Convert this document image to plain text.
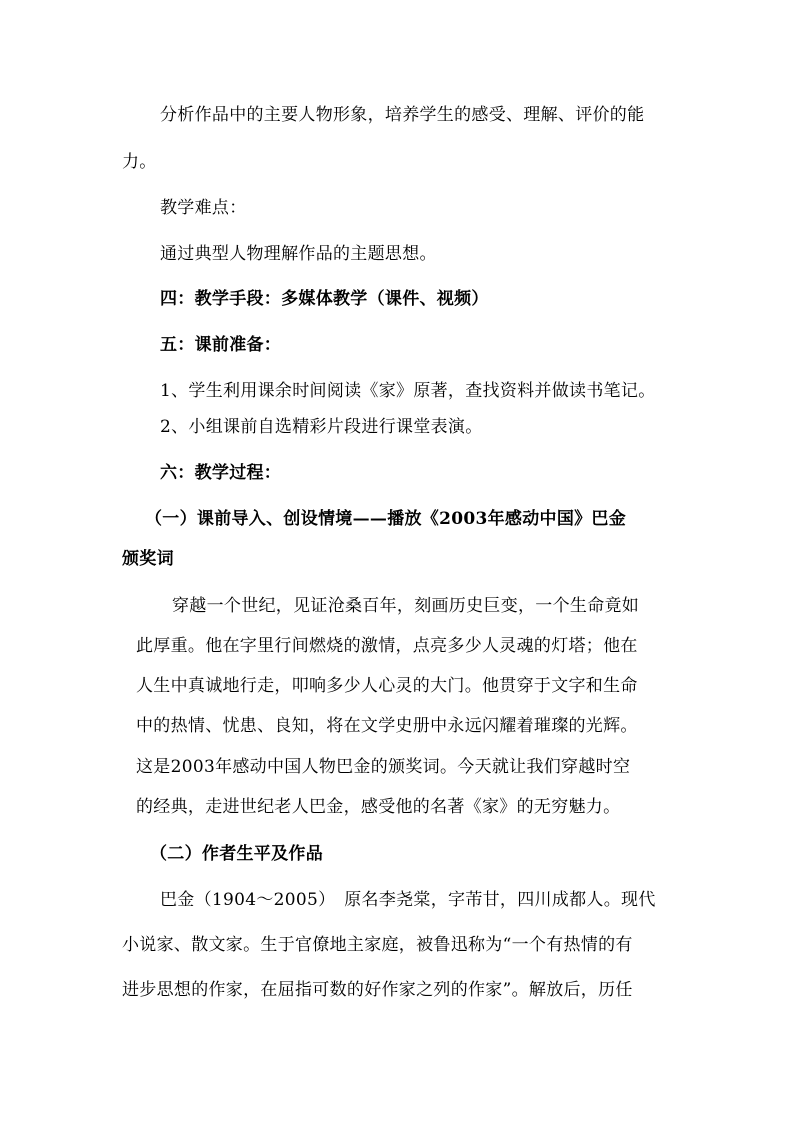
分析作品中的主要人物形象，培养学生的感受、理解、评价的能
力。
教学难点：
通过典型人物理解作品的主题思想。
四：教学手段：多媒体教学（课件、视频）
五：课前准备：
1、学生利用课余时间阅读《家》原著，查找资料并做读书笔记。
2、小组课前自选精彩片段进行课堂表演。
六：教学过程：
（一）课前导入、创设情境——播放《2003年感动中国》巴金
颁奖词
穿越一个世纪，见证沧桑百年，刻画历史巨变，一个生命竟如
此厚重。他在字里行间燃烧的激情，点亮多少人灵魂的灯塔；他在
人生中真诚地行走，叩响多少人心灵的大门。他贯穿于文字和生命
中的热情、忧患、良知，将在文学史册中永远闪耀着璀璨的光辉。
这是2003年感动中国人物巴金的颁奖词。今天就让我们穿越时空
的经典，走进世纪老人巴金，感受他的名著《家》的无穷魅力。
（二）作者生平及作品
巴金（1904～2005）　原名李尧棠，字芾甘，四川成都人。现代
小说家、散文家。生于官僚地主家庭，被鲁迅称为“一个有热情的有
进步思想的作家，在屈指可数的好作家之列的作家”。解放后，历任
